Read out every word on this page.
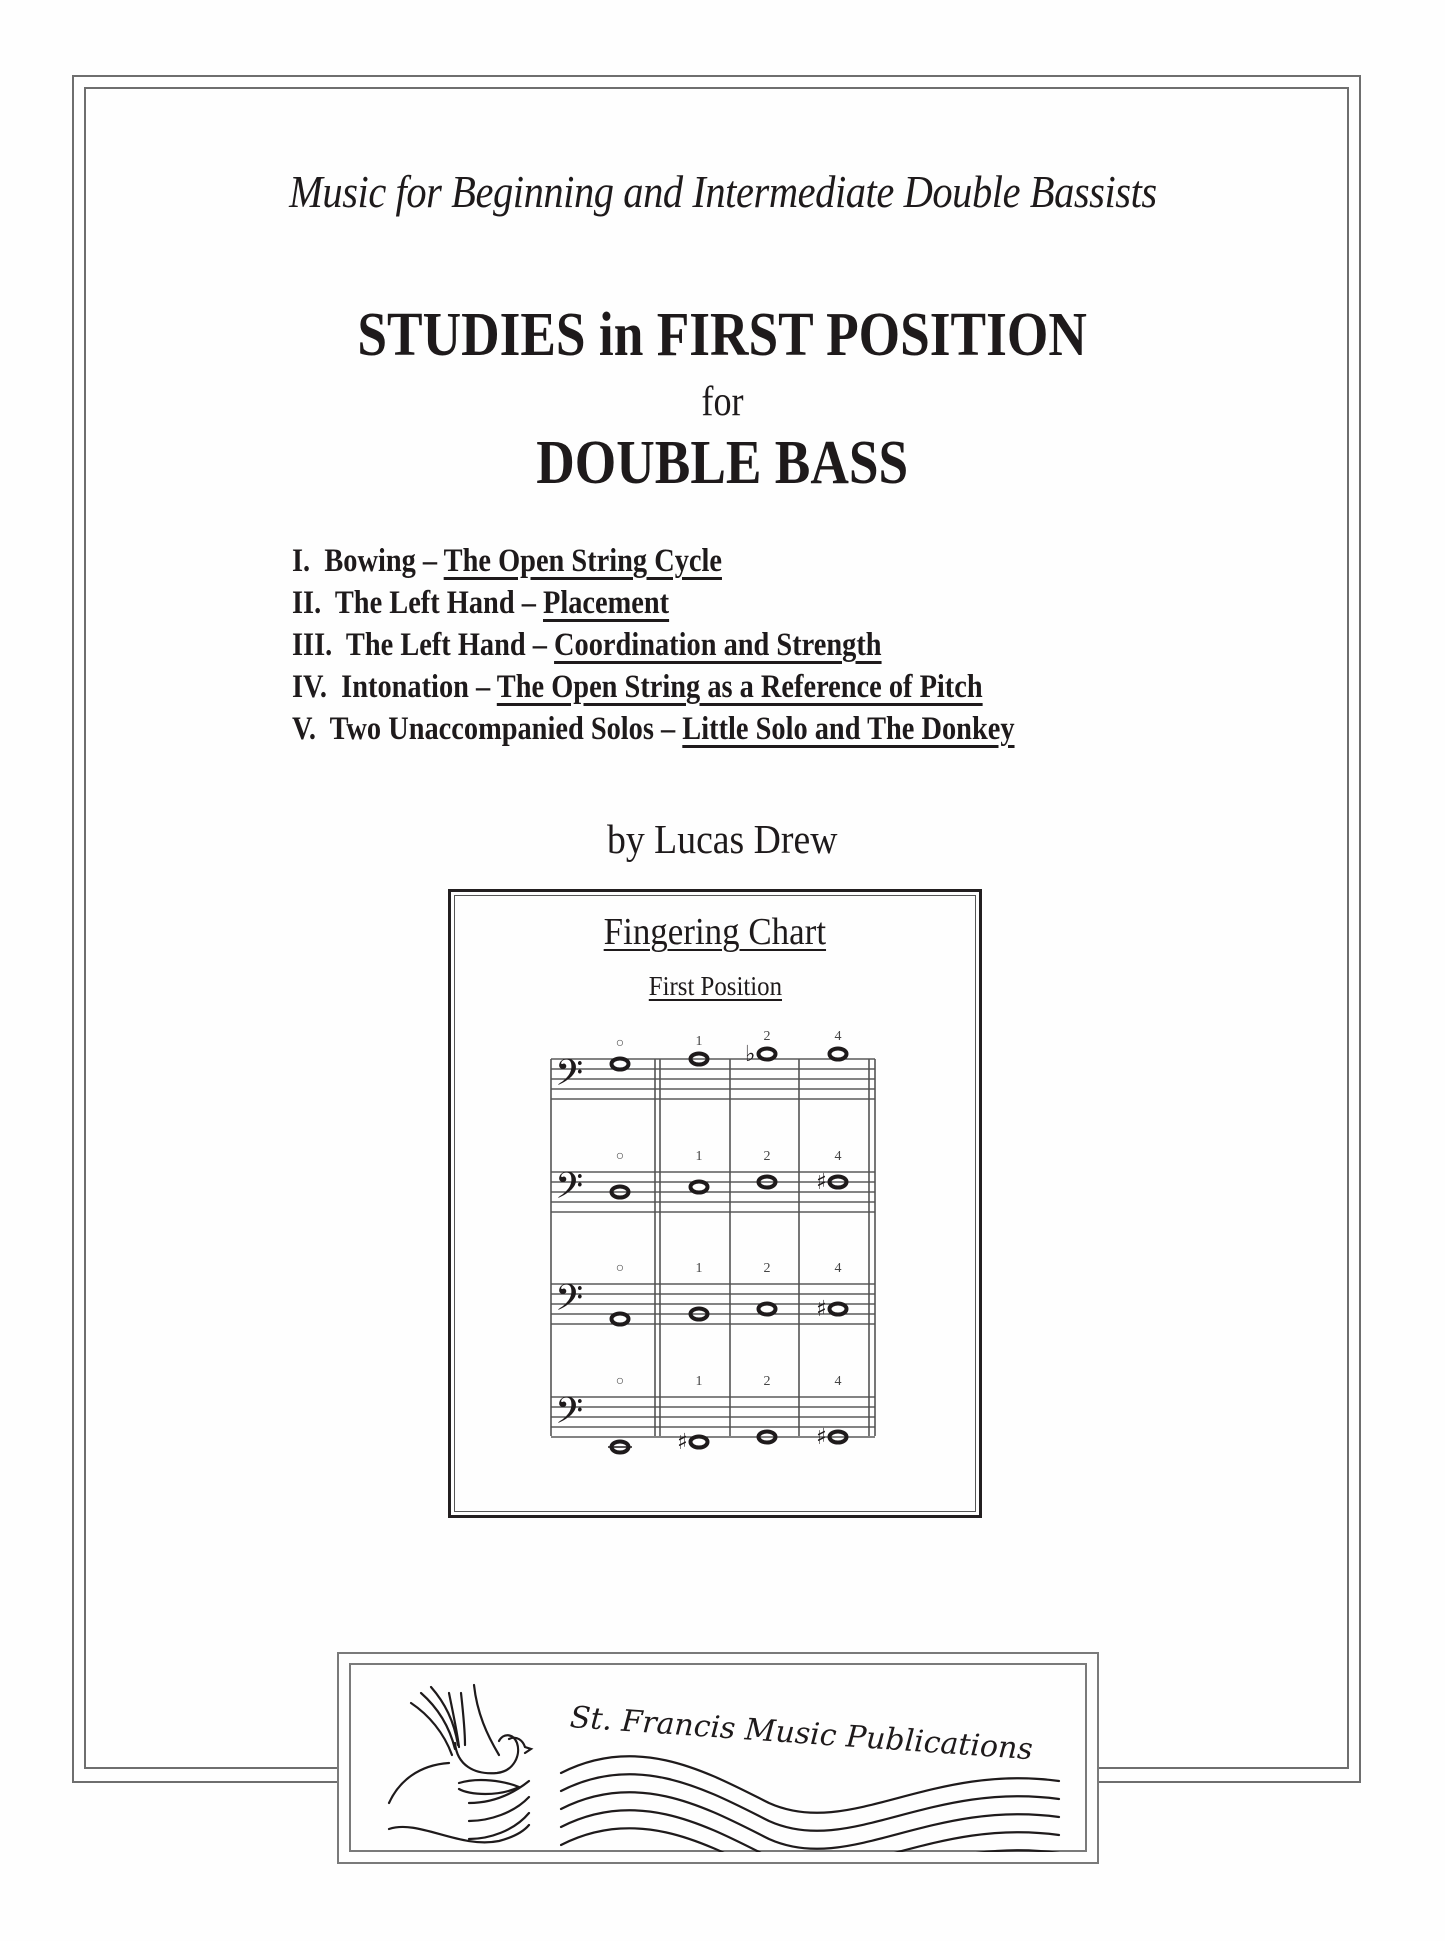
Music for Beginning and Intermediate Double Bassists
STUDIES in FIRST POSITION
for
DOUBLE BASS
I. Bowing – The Open String Cycle
II. The Left Hand – Placement
III. The Left Hand – Coordination and Strength
IV. Intonation – The Open String as a Reference of Pitch
V. Two Unaccompanied Solos – Little Solo and The Donkey
by Lucas Drew
Fingering Chart
First Position
𝄢
○	1
♭
2	4
𝄢
○	1	2
♯
4
𝄢
○	1	2
♯
4
𝄢
○
♯
1	2
♯
4
St. Francis Music Publications
